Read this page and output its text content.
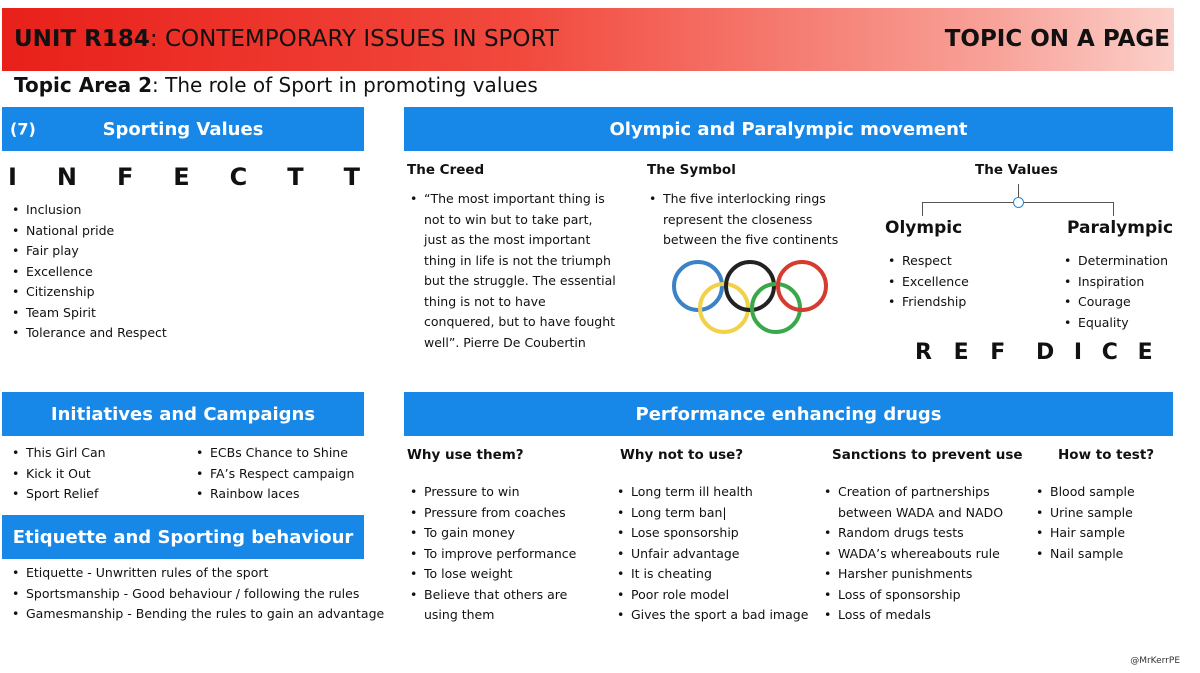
UNIT R184: CONTEMPORARY ISSUES IN SPORT	TOPIC ON A PAGE
Topic Area 2: The role of Sport in promoting values
(7)	Sporting Values
I N F E C T T
• Inclusion
• National pride
• Fair play
• Excellence
• Citizenship
• Team Spirit
• Tolerance and Respect
Olympic and Paralympic movement
The Creed
• “The most important thing is not to win but to take part, just as the most important thing in life is not the triumph but the struggle. The essential thing is not to have conquered, but to have fought well”. Pierre De Coubertin
The Symbol
• The five interlocking rings represent the closeness between the five continents
The Values
Olympic
• Respect
• Excellence
• Friendship
Paralympic
• Determination
• Inspiration
• Courage
• Equality
R E F D I C E
Initiatives and Campaigns
• This Girl Can
• Kick it Out
• Sport Relief
• ECBs Chance to Shine
• FA’s Respect campaign
• Rainbow laces
Etiquette and Sporting behaviour
• Etiquette - Unwritten rules of the sport
• Sportsmanship - Good behaviour / following the rules
• Gamesmanship - Bending the rules to gain an advantage
Performance enhancing drugs
Why use them?
• Pressure to win
• Pressure from coaches
• To gain money
• To improve performance
• To lose weight
• Believe that others are using them
Why not to use?
• Long term ill health
• Long term ban|
• Lose sponsorship
• Unfair advantage
• It is cheating
• Poor role model
• Gives the sport a bad image
Sanctions to prevent use
• Creation of partnerships between WADA and NADO
• Random drugs tests
• WADA’s whereabouts rule
• Harsher punishments
• Loss of sponsorship
• Loss of medals
How to test?
• Blood sample
• Urine sample
• Hair sample
• Nail sample
@MrKerrPE
